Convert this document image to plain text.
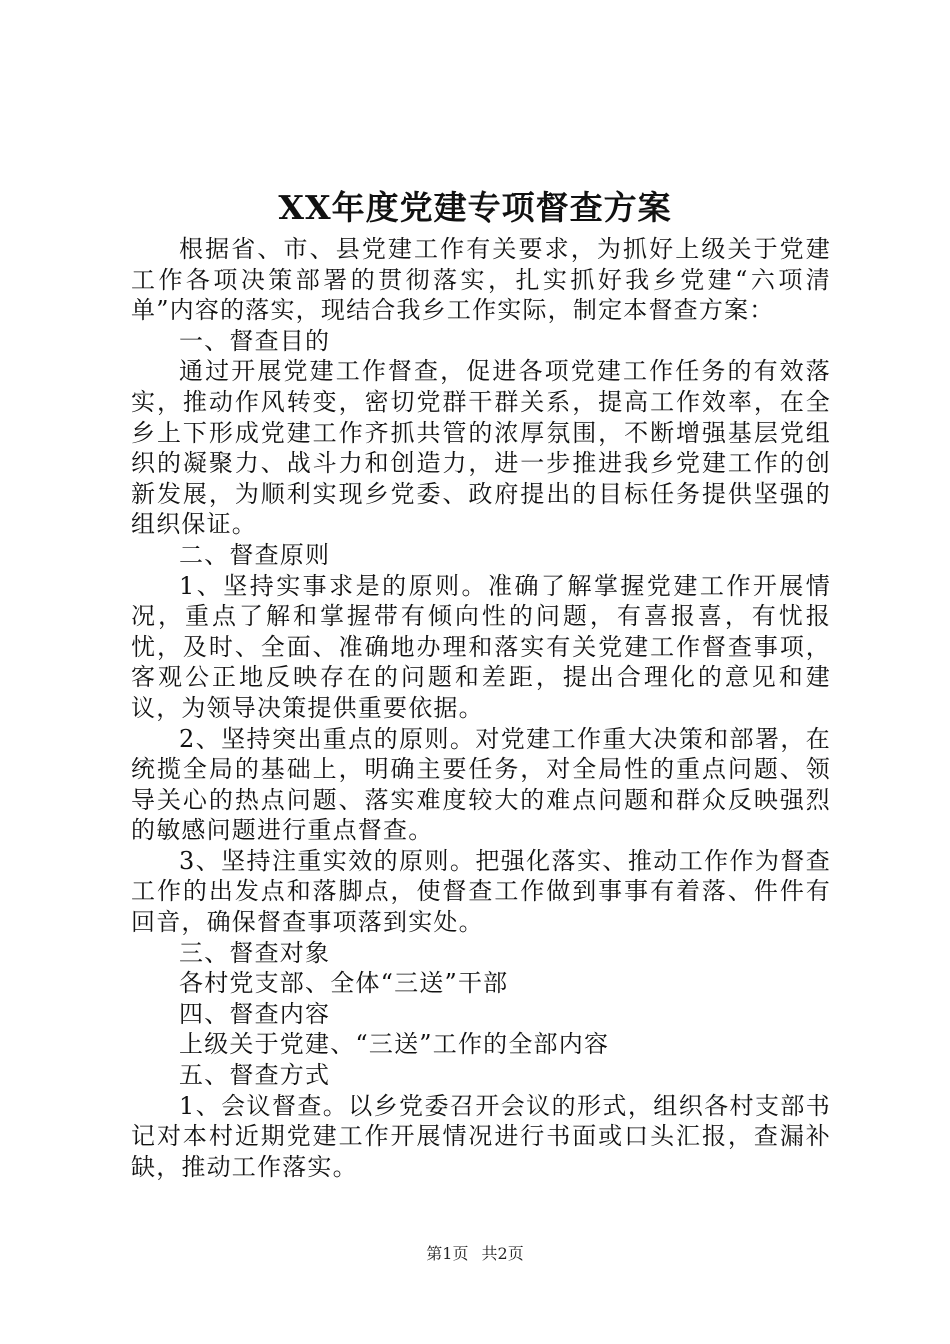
XX年度党建专项督查方案

根据省、市、县党建工作有关要求，为抓好上级关于党建工作各项决策部署的贯彻落实，扎实抓好我乡党建“六项清单”内容的落实，现结合我乡工作实际，制定本督查方案：

一、督查目的

通过开展党建工作督查，促进各项党建工作任务的有效落实，推动作风转变，密切党群干群关系，提高工作效率，在全乡上下形成党建工作齐抓共管的浓厚氛围，不断增强基层党组织的凝聚力、战斗力和创造力，进一步推进我乡党建工作的创新发展，为顺利实现乡党委、政府提出的目标任务提供坚强的组织保证。

二、督查原则

1、坚持实事求是的原则。准确了解掌握党建工作开展情况，重点了解和掌握带有倾向性的问题，有喜报喜，有忧报忧，及时、全面、准确地办理和落实有关党建工作督查事项，客观公正地反映存在的问题和差距，提出合理化的意见和建议，为领导决策提供重要依据。

2、坚持突出重点的原则。对党建工作重大决策和部署，在统揽全局的基础上，明确主要任务，对全局性的重点问题、领导关心的热点问题、落实难度较大的难点问题和群众反映强烈的敏感问题进行重点督查。

3、坚持注重实效的原则。把强化落实、推动工作作为督查工作的出发点和落脚点，使督查工作做到事事有着落、件件有回音，确保督查事项落到实处。

三、督查对象

各村党支部、全体“三送”干部

四、督查内容

上级关于党建、“三送”工作的全部内容

五、督查方式

1、会议督查。以乡党委召开会议的形式，组织各村支部书记对本村近期党建工作开展情况进行书面或口头汇报，查漏补缺，推动工作落实。

第1页 共2页
